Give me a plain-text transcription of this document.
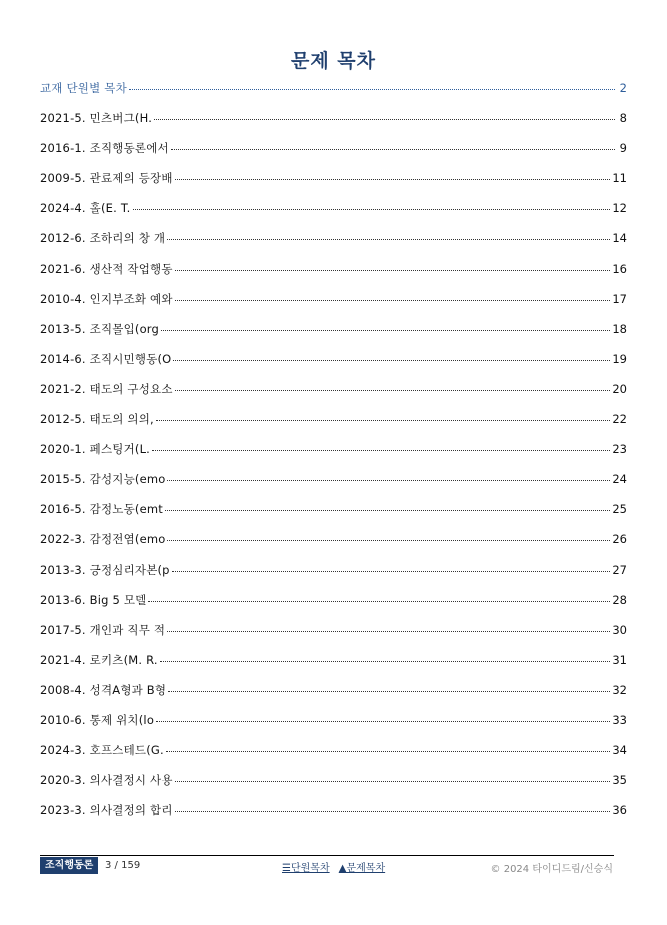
문제 목차
교재 단원별 목차	2
2021-5. 민츠버그(H.	8
2016-1. 조직행동론에서	9
2009-5. 관료제의 등장배	11
2024-4. 홀(E. T.	12
2012-6. 조하리의 창 개	14
2021-6. 생산적 작업행동	16
2010-4. 인지부조화 예와	17
2013-5. 조직몰입(org	18
2014-6. 조직시민행동(O	19
2021-2. 태도의 구성요소	20
2012-5. 태도의 의의,	22
2020-1. 페스팅거(L.	23
2015-5. 감성지능(emo	24
2016-5. 감정노동(emt	25
2022-3. 감정전염(emo	26
2013-3. 긍정심리자본(p	27
2013-6. Big 5 모델	28
2017-5. 개인과 직무 적	30
2021-4. 로키츠(M. R.	31
2008-4. 성격A형과 B형	32
2010-6. 통제 위치(lo	33
2024-3. 호프스테드(G.	34
2020-3. 의사결정시 사용	35
2023-3. 의사결정의 합리	36
조직행동론	3 / 159	☰단원목차 ▲문제목차	© 2024 타이디드림/신승식
